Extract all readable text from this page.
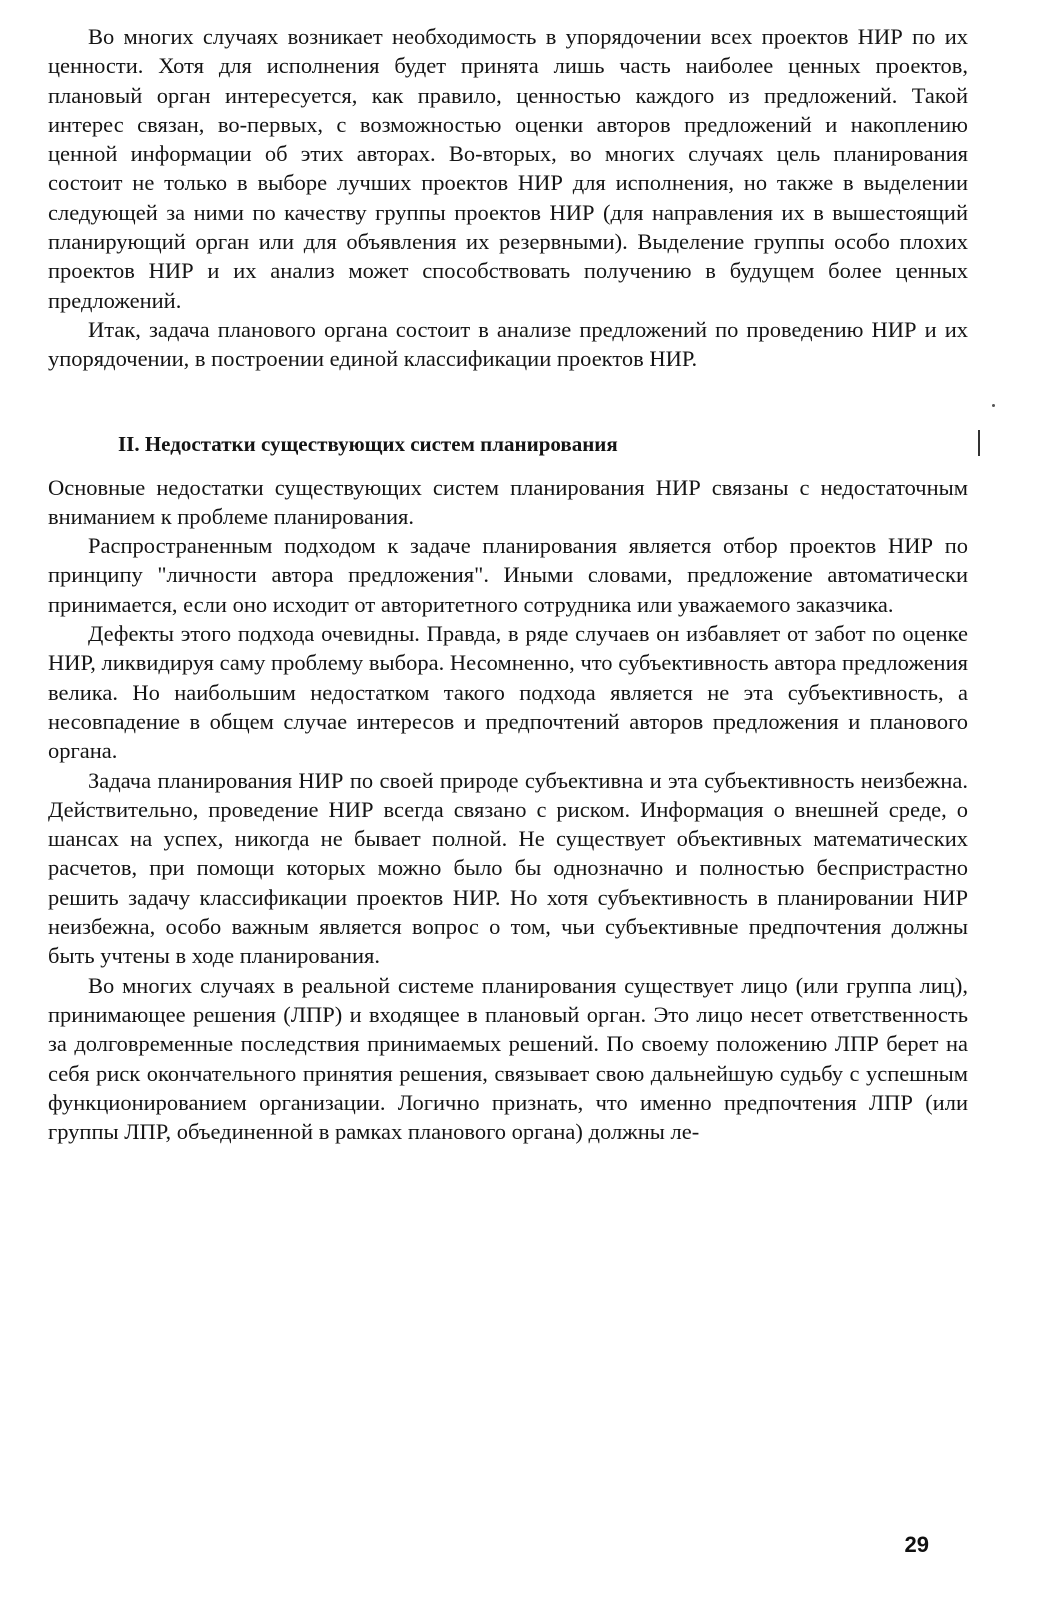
Во многих случаях возникает необходимость в упорядочении всех проектов НИР по их ценности. Хотя для исполнения будет принята лишь часть наиболее ценных проектов, плановый орган интересуется, как правило, ценностью каждого из предложений. Такой интерес связан, во-первых, с возможностью оценки авторов предложений и накоплению ценной информации об этих авторах. Во-вторых, во многих случаях цель планирования состоит не только в выборе лучших проектов НИР для исполнения, но также в выделении следующей за ними по качеству группы проектов НИР (для направления их в вышестоящий планирующий орган или для объявления их резервными). Выделение группы особо плохих проектов НИР и их анализ может способствовать получению в будущем более ценных предложений.

Итак, задача планового органа состоит в анализе предложений по проведению НИР и их упорядочении, в построении единой классификации проектов НИР.

II. Недостатки существующих систем планирования

Основные недостатки существующих систем планирования НИР связаны с недостаточным вниманием к проблеме планирования.

Распространенным подходом к задаче планирования является отбор проектов НИР по принципу "личности автора предложения". Иными словами, предложение автоматически принимается, если оно исходит от авторитетного сотрудника или уважаемого заказчика.

Дефекты этого подхода очевидны. Правда, в ряде случаев он избавляет от забот по оценке НИР, ликвидируя саму проблему выбора. Несомненно, что субъективность автора предложения велика. Но наибольшим недостатком такого подхода является не эта субъективность, а несовпадение в общем случае интересов и предпочтений авторов предложения и планового органа.

Задача планирования НИР по своей природе субъективна и эта субъективность неизбежна. Действительно, проведение НИР всегда связано с риском. Информация о внешней среде, о шансах на успех, никогда не бывает полной. Не существует объективных математических расчетов, при помощи которых можно было бы однозначно и полностью беспристрастно решить задачу классификации проектов НИР. Но хотя субъективность в планировании НИР неизбежна, особо важным является вопрос о том, чьи субъективные предпочтения должны быть учтены в ходе планирования.

Во многих случаях в реальной системе планирования существует лицо (или группа лиц), принимающее решения (ЛПР) и входящее в плановый орган. Это лицо несет ответственность за долговременные последствия принимаемых решений. По своему положению ЛПР берет на себя риск окончательного принятия решения, связывает свою дальнейшую судьбу с успешным функционированием организации. Логично признать, что именно предпочтения ЛПР (или группы ЛПР, объединенной в рамках планового органа) должны ле-

29
